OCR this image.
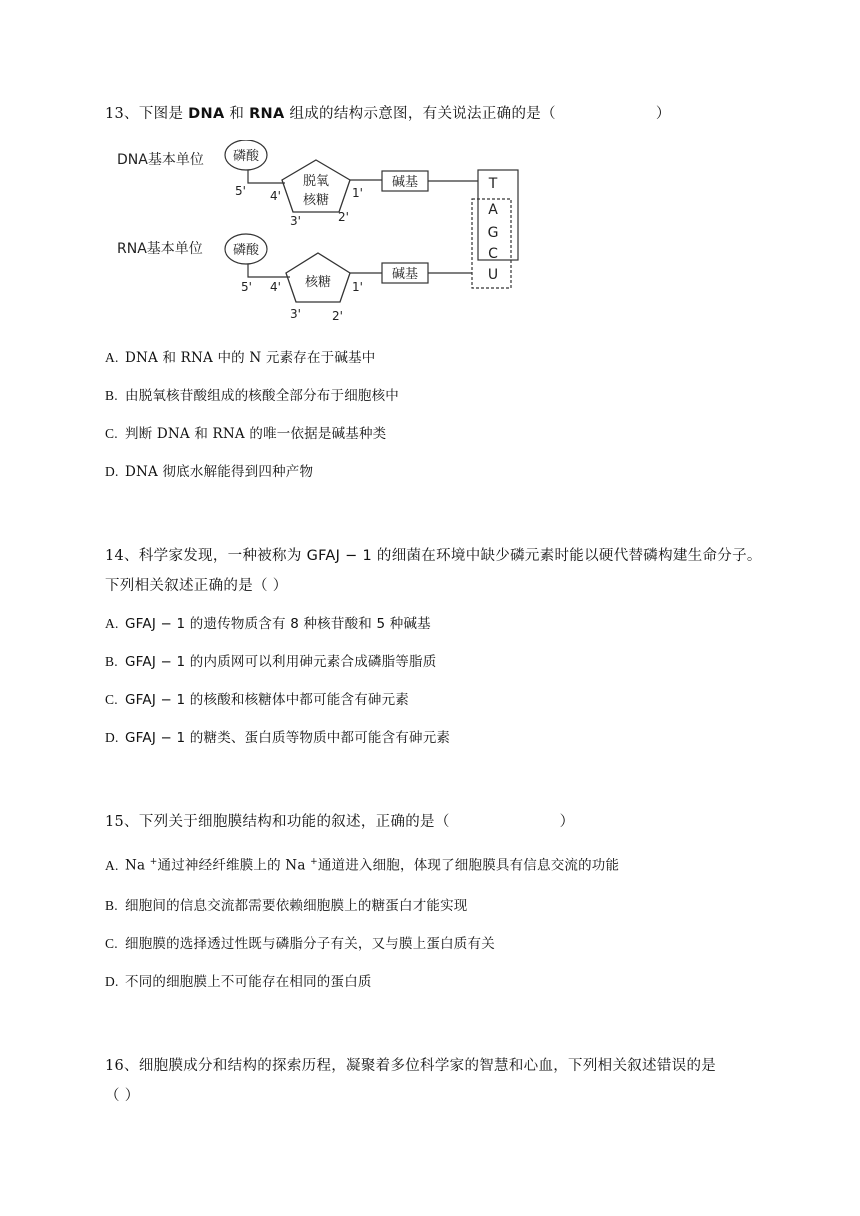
13、下图是 DNA 和 RNA 组成的结构示意图，有关说法正确的是（	）
DNA基本单位 磷酸
5' 4'
脱氧
核糖 1'
3'	2'
碱基	T
A
G
C
U
RNA基本单位 磷酸
5' 4' 核糖 1'
3'	2'
碱基
A. DNA 和 RNA 中的 N 元素存在于碱基中
B. 由脱氧核苷酸组成的核酸全部分布于细胞核中
C. 判断 DNA 和 RNA 的唯一依据是碱基种类
D. DNA 彻底水解能得到四种产物
14、科学家发现，一种被称为 GFAJ − 1 的细菌在环境中缺少磷元素时能以硬代替磷构建生命分子。
下列相关叙述正确的是（ ）
A. GFAJ − 1 的遗传物质含有 8 种核苷酸和 5 种碱基
B. GFAJ − 1 的内质网可以利用砷元素合成磷脂等脂质
C. GFAJ − 1 的核酸和核糖体中都可能含有砷元素
D. GFAJ − 1 的糖类、蛋白质等物质中都可能含有砷元素
15、下列关于细胞膜结构和功能的叙述，正确的是（	）
A. Na +通过神经纤维膜上的 Na +通道进入细胞，体现了细胞膜具有信息交流的功能
B. 细胞间的信息交流都需要依赖细胞膜上的糖蛋白才能实现
C. 细胞膜的选择透过性既与磷脂分子有关，又与膜上蛋白质有关
D. 不同的细胞膜上不可能存在相同的蛋白质
16、细胞膜成分和结构的探索历程，凝聚着多位科学家的智慧和心血，下列相关叙述错误的是
（ ）
